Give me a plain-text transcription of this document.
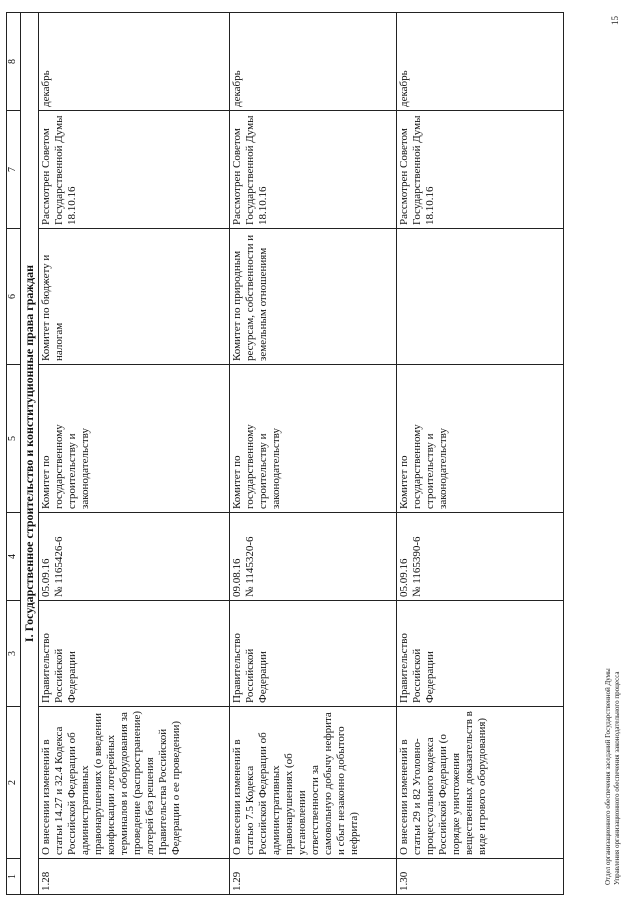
1	2	3	4	5	6	7	8
I. Государственное строительство и конституционные права граждан							
1.28	О внесении изменений в статьи 14.27 и 32.4 Кодекса Российской Федерации об административных правонарушениях (о введении конфискации лотерейных терминалов и оборудования за проведение (распространение) лотерей без решения Правительства Российской Федерации о ее проведении)	Правительство Российской Федерации	05.09.16
№ 1165426-6	Комитет по государственному строительству и законодательству	Комитет по бюджету и налогам	Рассмотрен Советом Государственной Думы 18.10.16	декабрь
1.29	О внесении изменений в статью 7.5 Кодекса Российской Федерации об административных правонарушениях (об установлении ответственности за самовольную добычу нефрита и сбыт незаконно добытого нефрита)	Правительство Российской Федерации	09.08.16
№ 1145320-6	Комитет по государственному строительству и законодательству	Комитет по природным ресурсам, собственности и земельным отношениям	Рассмотрен Советом Государственной Думы 18.10.16	декабрь
1.30	О внесении изменений в статьи 29 и 82 Уголовно-процессуального кодекса Российской Федерации (о порядке уничтожения вещественных доказательств в виде игрового оборудования)	Правительство Российской Федерации	05.09.16
№ 1165390-6	Комитет по государственному строительству и законодательству		Рассмотрен Советом Государственной Думы 18.10.16	декабрь
Отдел организационного обеспечения заседаний Государственной Думы Управления организационного обеспечения законодательного процесса
15
